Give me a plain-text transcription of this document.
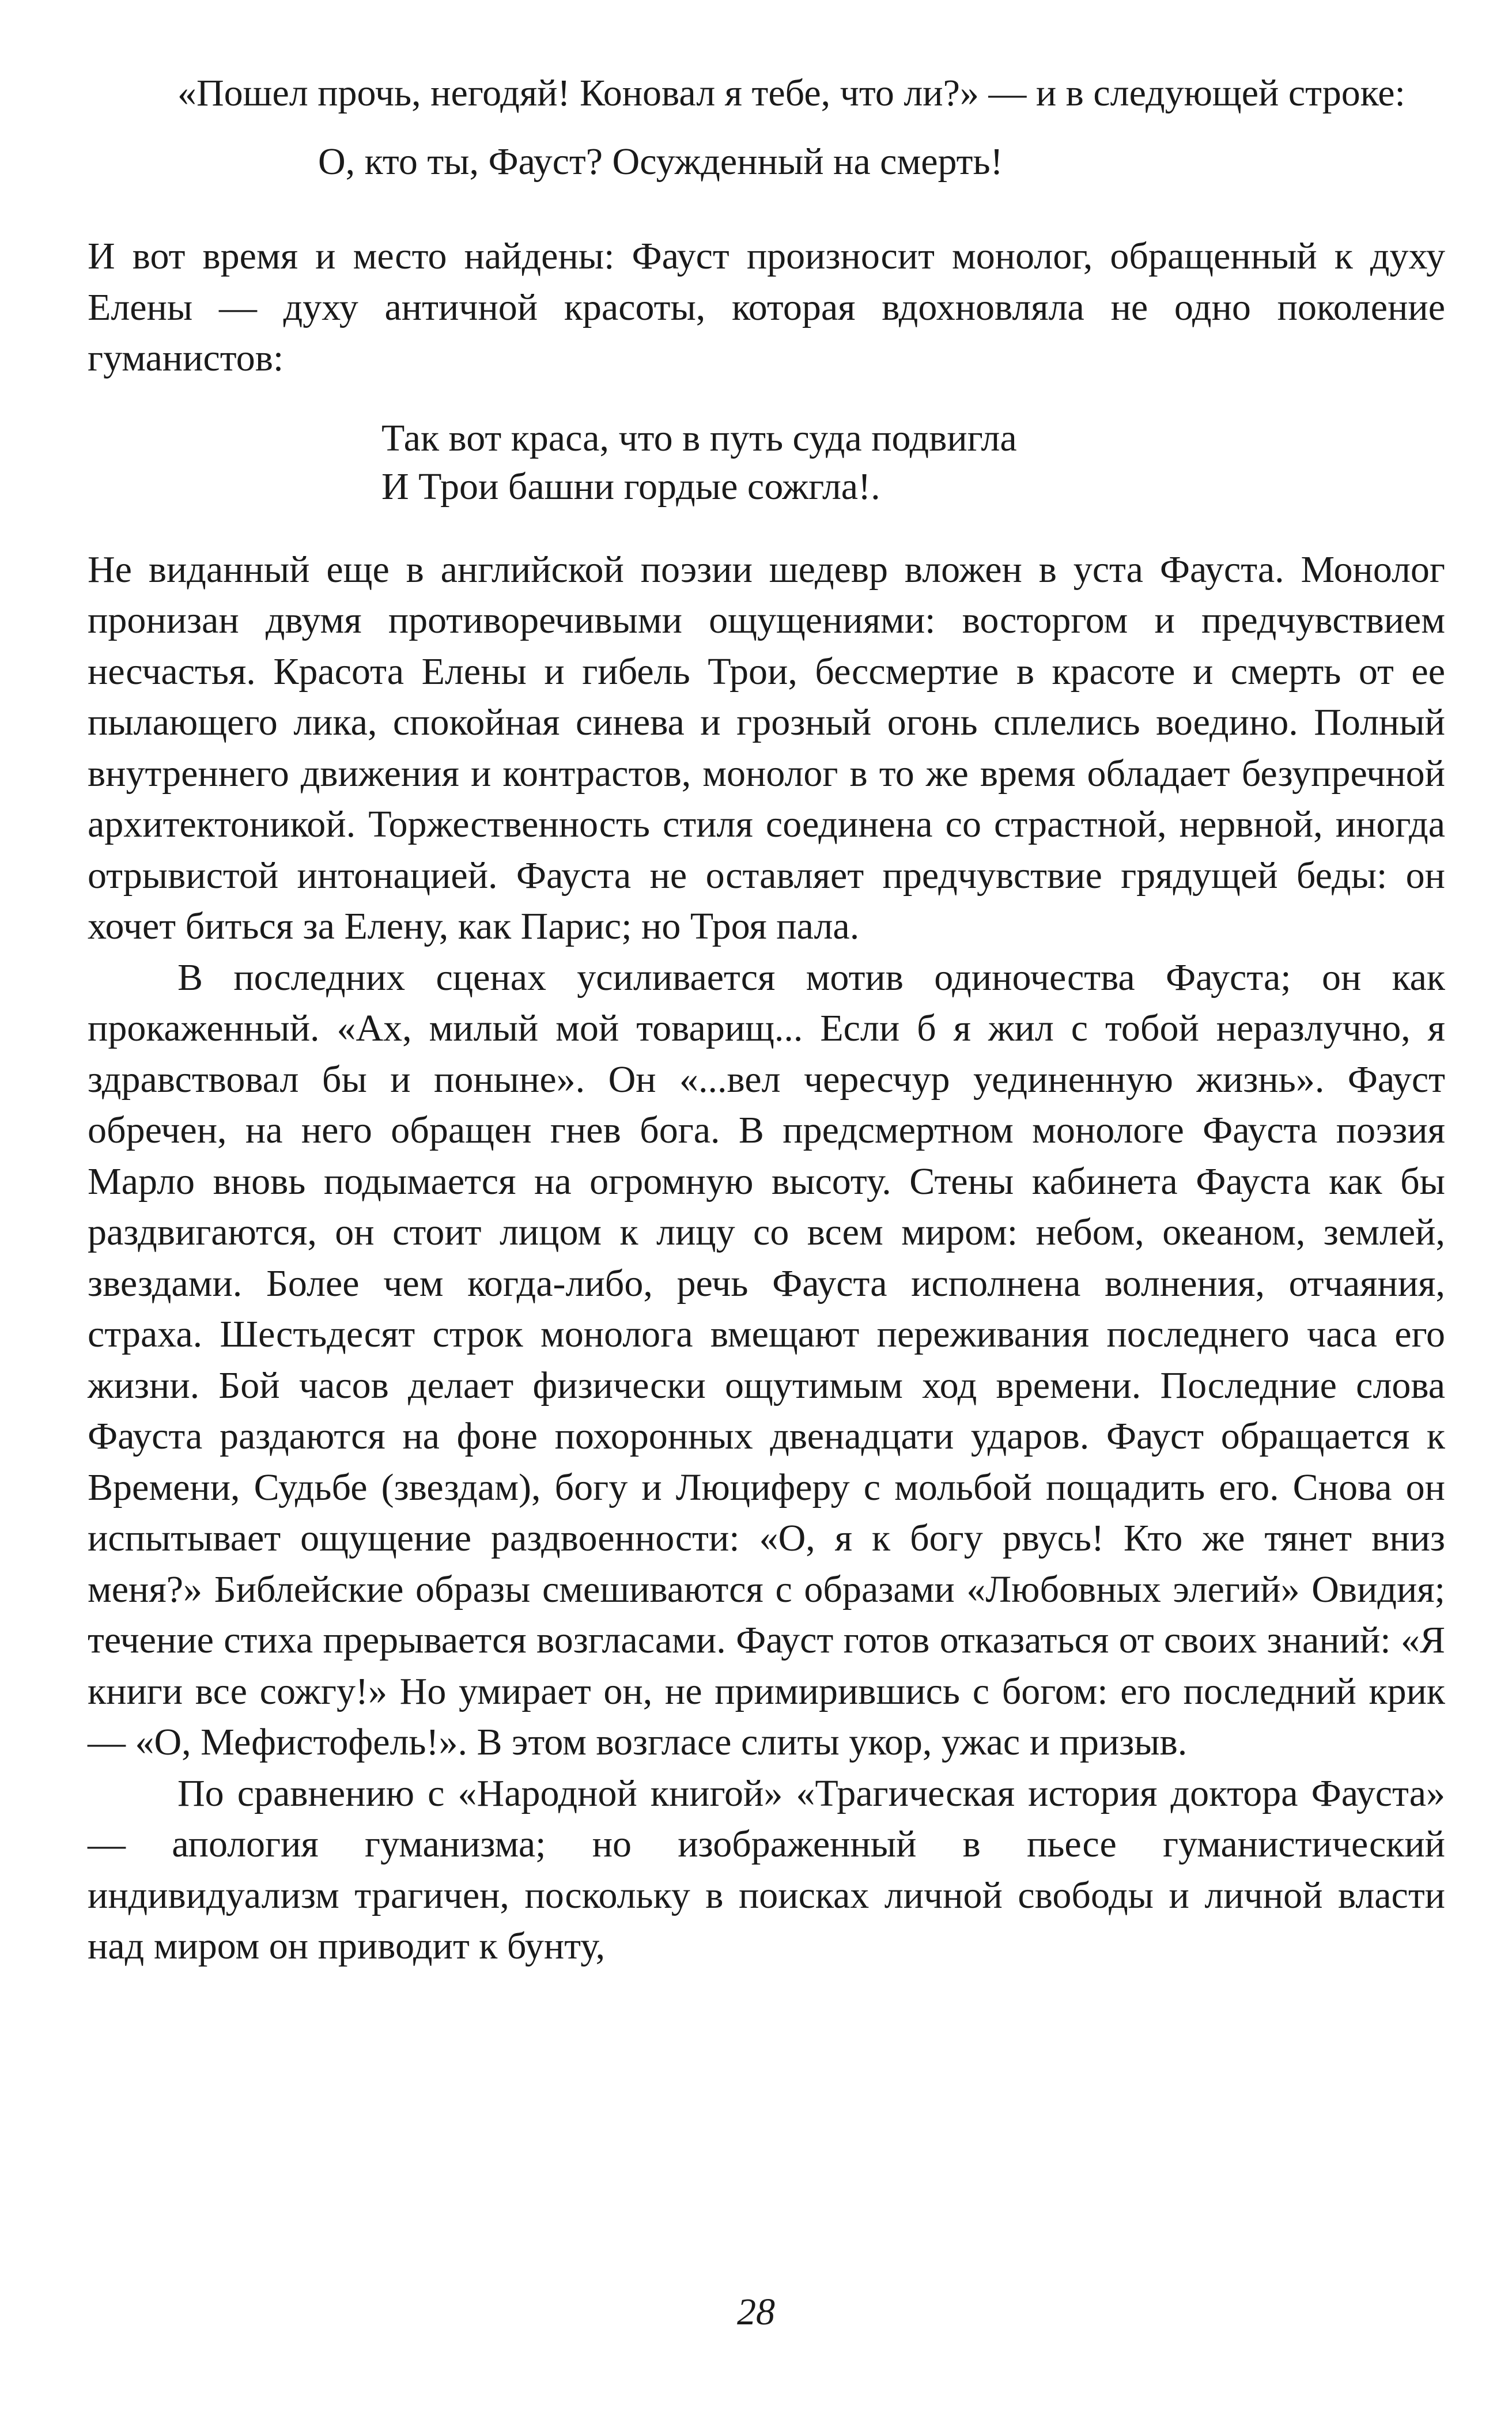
«Пошел прочь, негодяй! Коновал я тебе, что ли?» — и в следующей строке:

О, кто ты, Фауст? Осужденный на смерть!

И вот время и место найдены: Фауст произносит монолог, обращенный к духу Елены — духу античной красоты, которая вдохновляла не одно поколение гуманистов:

Так вот краса, что в путь суда подвигла
И Трои башни гордые сожгла!.

Не виданный еще в английской поэзии шедевр вложен в уста Фауста. Монолог пронизан двумя противоречивыми ощущениями: восторгом и предчувствием несчастья. Красота Елены и гибель Трои, бессмертие в красоте и смерть от ее пылающего лика, спокойная синева и грозный огонь сплелись воедино. Полный внутреннего движения и контрастов, монолог в то же время обладает безупречной архитектоникой. Торжественность стиля соединена со страстной, нервной, иногда отрывистой интонацией. Фауста не оставляет предчувствие грядущей беды: он хочет биться за Елену, как Парис; но Троя пала.

В последних сценах усиливается мотив одиночества Фауста; он как прокаженный. «Ах, милый мой товарищ... Если б я жил с тобой неразлучно, я здравствовал бы и поныне». Он «...вел чересчур уединенную жизнь». Фауст обречен, на него обращен гнев бога. В предсмертном монологе Фауста поэзия Марло вновь подымается на огромную высоту. Стены кабинета Фауста как бы раздвигаются, он стоит лицом к лицу со всем миром: небом, океаном, землей, звездами. Более чем когда-либо, речь Фауста исполнена волнения, отчаяния, страха. Шестьдесят строк монолога вмещают переживания последнего часа его жизни. Бой часов делает физически ощутимым ход времени. Последние слова Фауста раздаются на фоне похоронных двенадцати ударов. Фауст обращается к Времени, Судьбе (звездам), богу и Люциферу с мольбой пощадить его. Снова он испытывает ощущение раздвоенности: «О, я к богу рвусь! Кто же тянет вниз меня?» Библейские образы смешиваются с образами «Любовных элегий» Овидия; течение стиха прерывается возгласами. Фауст готов отказаться от своих знаний: «Я книги все сожгу!» Но умирает он, не примирившись с богом: его последний крик — «О, Мефистофель!». В этом возгласе слиты укор, ужас и призыв.

По сравнению с «Народной книгой» «Трагическая история доктора Фауста» — апология гуманизма; но изображенный в пьесе гуманистический индивидуализм трагичен, поскольку в поисках личной свободы и личной власти над миром он приводит к бунту,

28
